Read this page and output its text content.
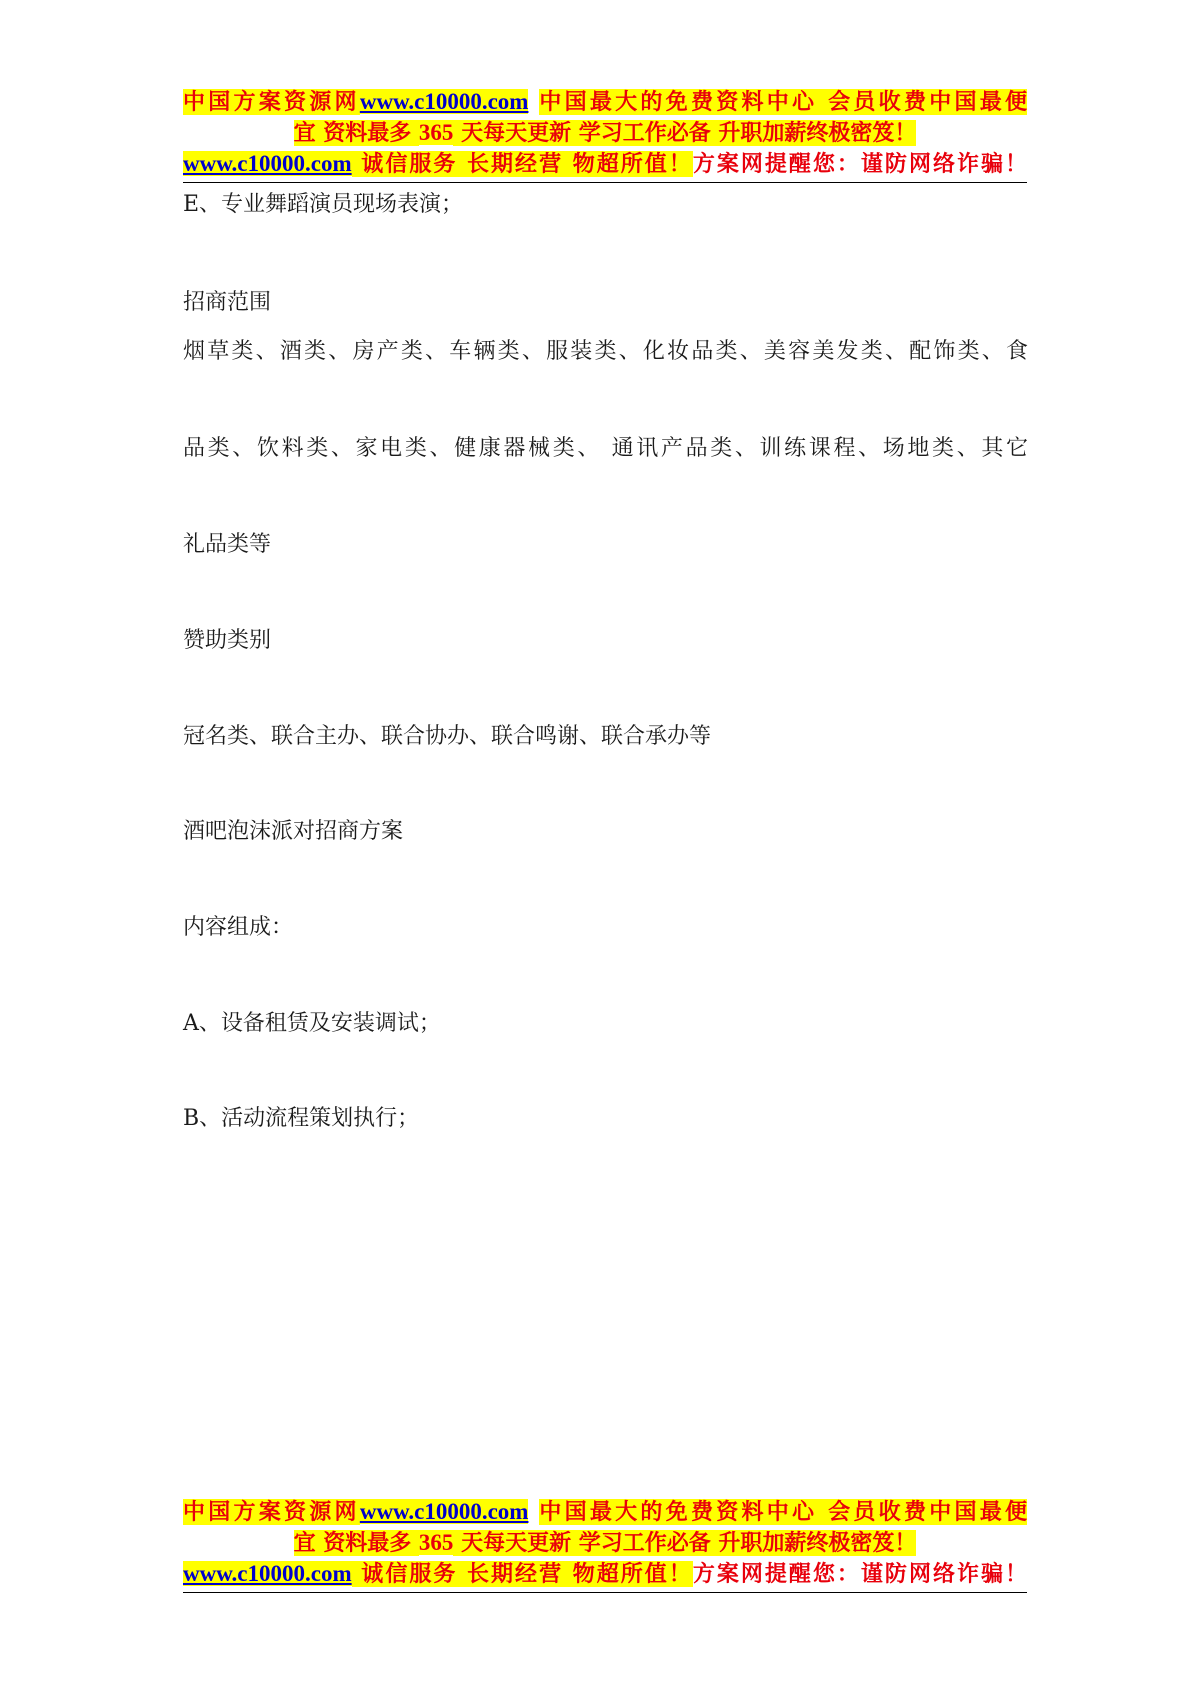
中国方案资源网www.c10000.com 中国最大的免费资料中心 会员收费中国最便
宜 资料最多 365 天每天更新 学习工作必备 升职加薪终极密笈！
www.c10000.com 诚信服务 长期经营 物超所值！方案网提醒您：谨防网络诈骗！
E、专业舞蹈演员现场表演；
招商范围
烟草类、酒类、房产类、车辆类、服装类、化妆品类、美容美发类、配饰类、食
品类、饮料类、家电类、健康器械类、 通讯产品类、训练课程、场地类、其它
礼品类等
赞助类别
冠名类、联合主办、联合协办、联合鸣谢、联合承办等
酒吧泡沫派对招商方案
内容组成：
A、设备租赁及安装调试；
B、活动流程策划执行；
中国方案资源网www.c10000.com 中国最大的免费资料中心 会员收费中国最便
宜 资料最多 365 天每天更新 学习工作必备 升职加薪终极密笈！
www.c10000.com 诚信服务 长期经营 物超所值！方案网提醒您：谨防网络诈骗！
